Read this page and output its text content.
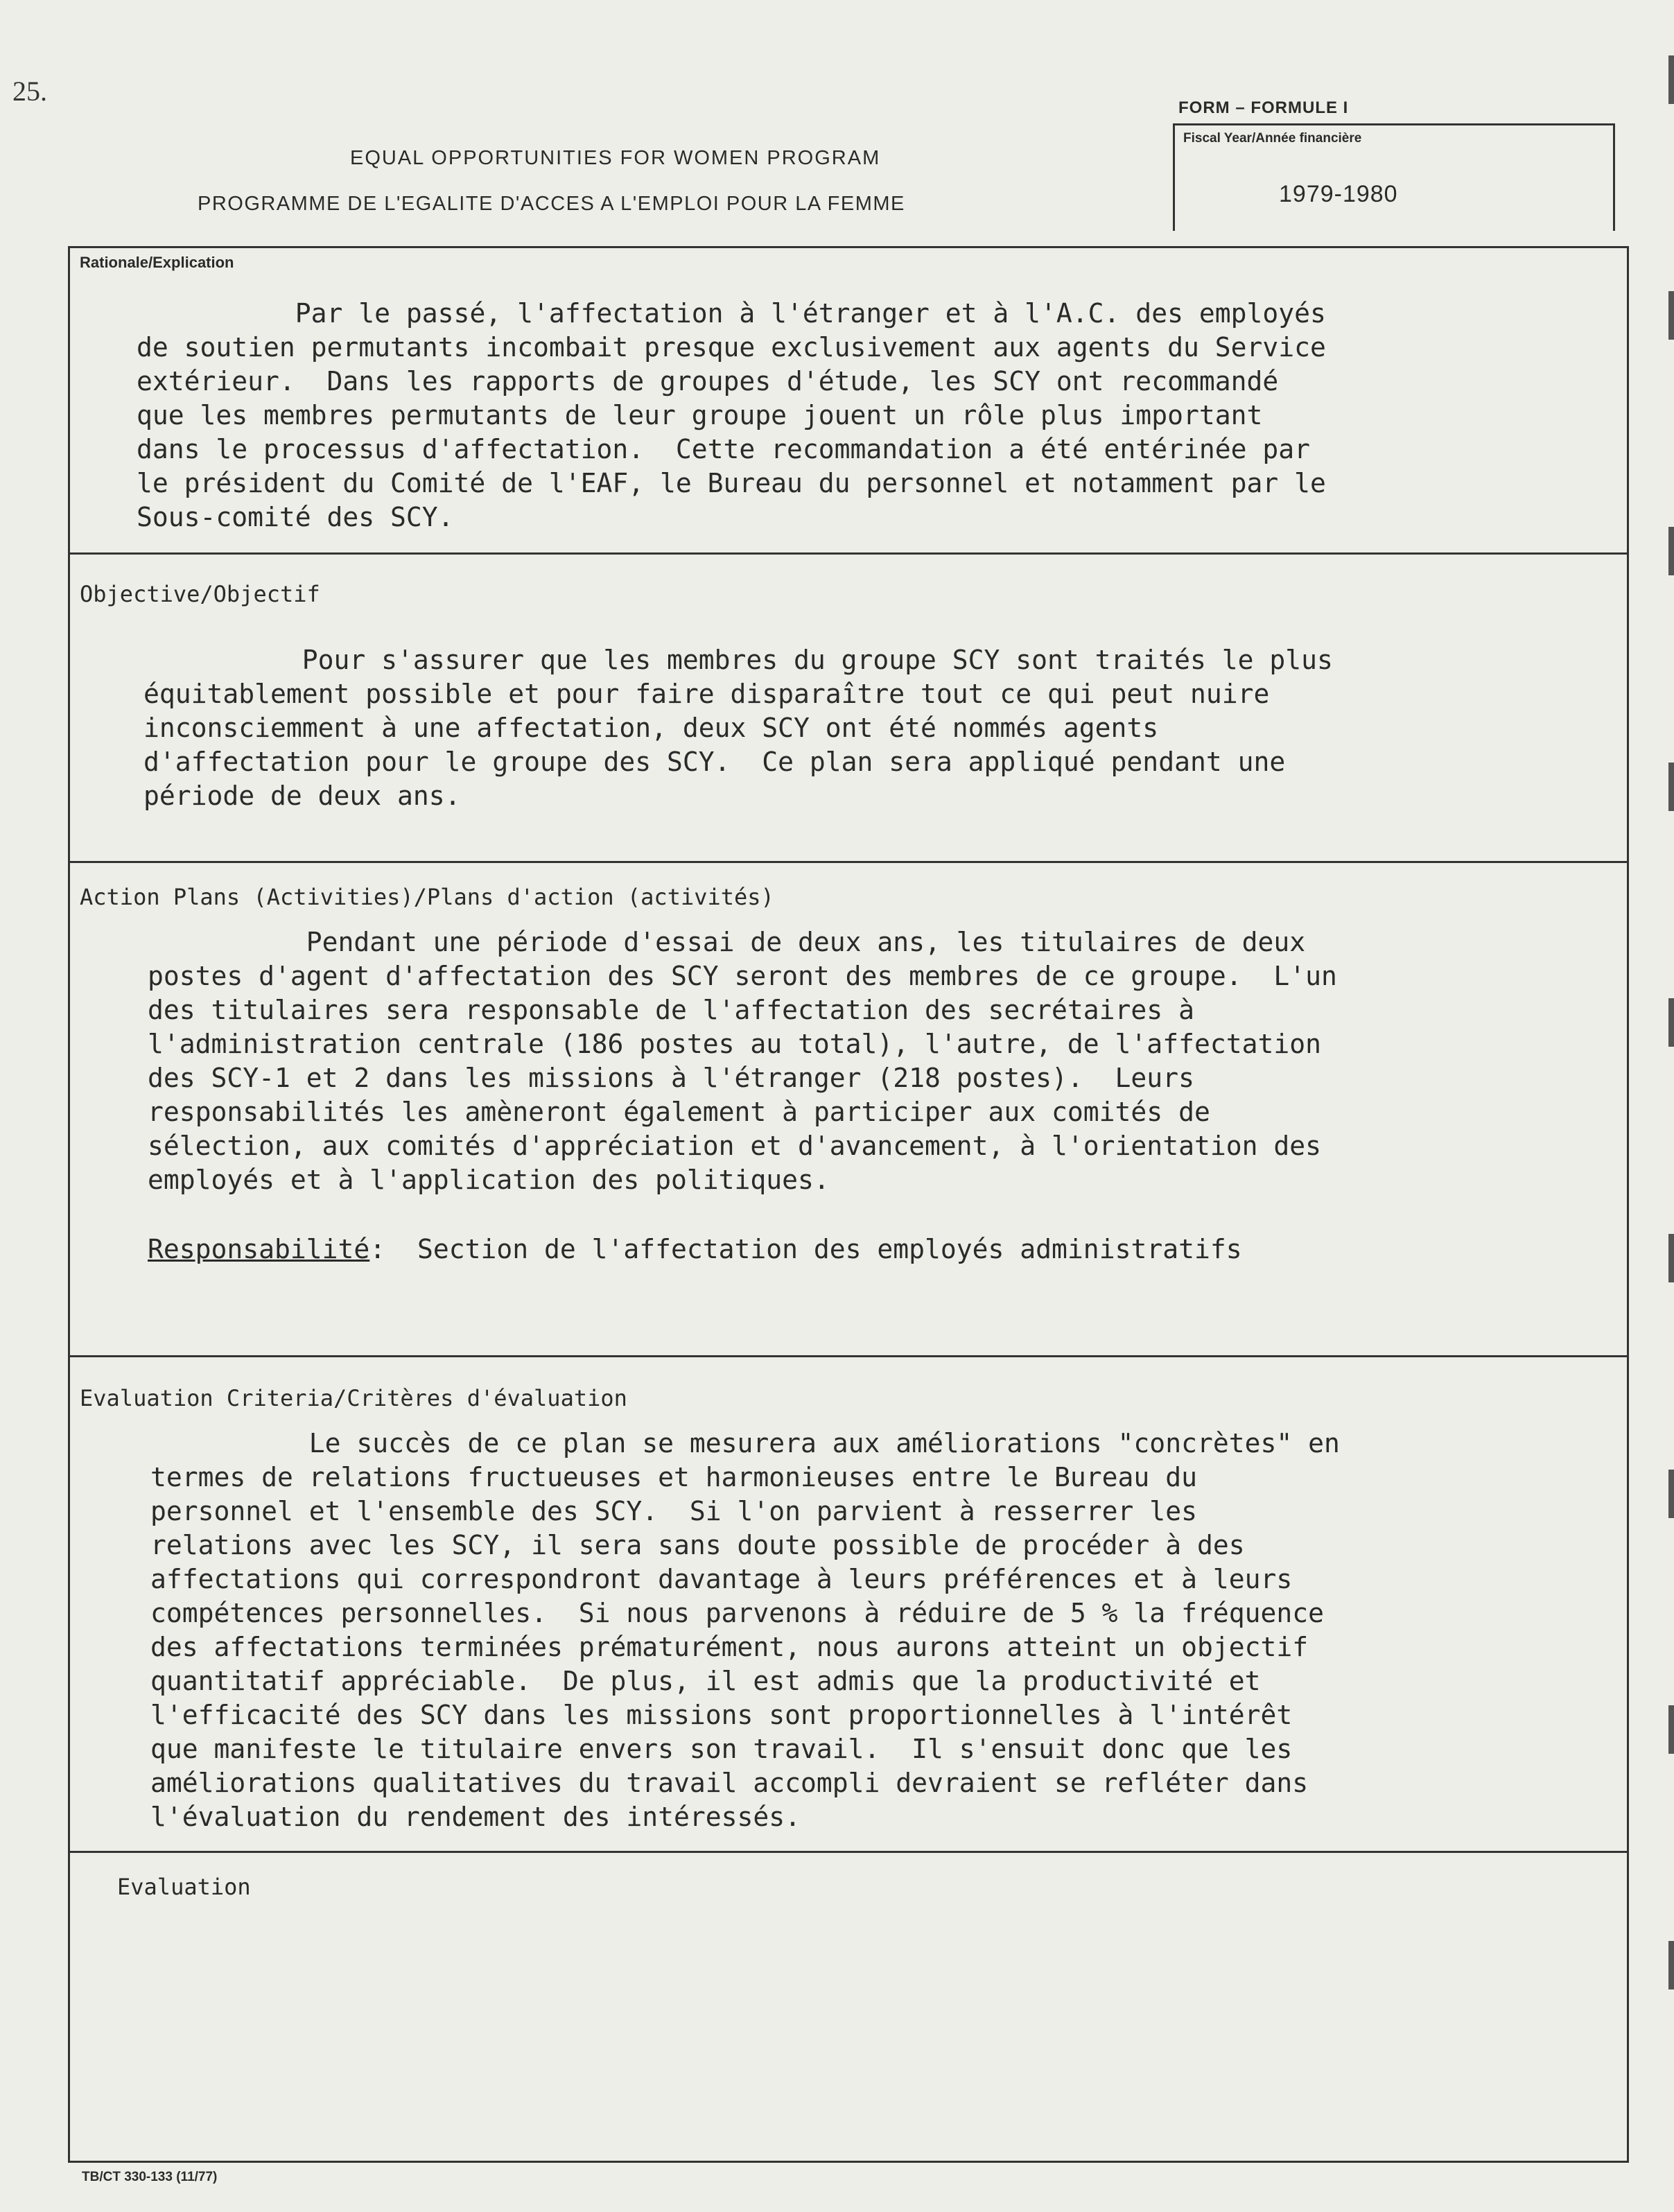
25.
FORM – FORMULE I
Fiscal Year/Année financière
1979-1980
EQUAL OPPORTUNITIES FOR WOMEN PROGRAM
PROGRAMME DE L'EGALITE D'ACCES A L'EMPLOI POUR LA FEMME
Rationale/Explication
Par le passé, l'affectation à l'étranger et à l'A.C. des employés
de soutien permutants incombait presque exclusivement aux agents du Service
extérieur.  Dans les rapports de groupes d'étude, les SCY ont recommandé
que les membres permutants de leur groupe jouent un rôle plus important
dans le processus d'affectation.  Cette recommandation a été entérinée par
le président du Comité de l'EAF, le Bureau du personnel et notamment par le
Sous-comité des SCY.
Objective/Objectif
Pour s'assurer que les membres du groupe SCY sont traités le plus
équitablement possible et pour faire disparaître tout ce qui peut nuire
inconsciemment à une affectation, deux SCY ont été nommés agents
d'affectation pour le groupe des SCY.  Ce plan sera appliqué pendant une
période de deux ans.
Action Plans (Activities)/Plans d'action (activités)
Pendant une période d'essai de deux ans, les titulaires de deux
postes d'agent d'affectation des SCY seront des membres de ce groupe.  L'un
des titulaires sera responsable de l'affectation des secrétaires à
l'administration centrale (186 postes au total), l'autre, de l'affectation
des SCY-1 et 2 dans les missions à l'étranger (218 postes).  Leurs
responsabilités les amèneront également à participer aux comités de
sélection, aux comités d'appréciation et d'avancement, à l'orientation des
employés et à l'application des politiques.
Responsabilité:  Section de l'affectation des employés administratifs
Evaluation Criteria/Critères d'évaluation
Le succès de ce plan se mesurera aux améliorations "concrètes" en
termes de relations fructueuses et harmonieuses entre le Bureau du
personnel et l'ensemble des SCY.  Si l'on parvient à resserrer les
relations avec les SCY, il sera sans doute possible de procéder à des
affectations qui correspondront davantage à leurs préférences et à leurs
compétences personnelles.  Si nous parvenons à réduire de 5 % la fréquence
des affectations terminées prématurément, nous aurons atteint un objectif
quantitatif appréciable.  De plus, il est admis que la productivité et
l'efficacité des SCY dans les missions sont proportionnelles à l'intérêt
que manifeste le titulaire envers son travail.  Il s'ensuit donc que les
améliorations qualitatives du travail accompli devraient se refléter dans
l'évaluation du rendement des intéressés.
Evaluation
TB/CT 330-133 (11/77)
